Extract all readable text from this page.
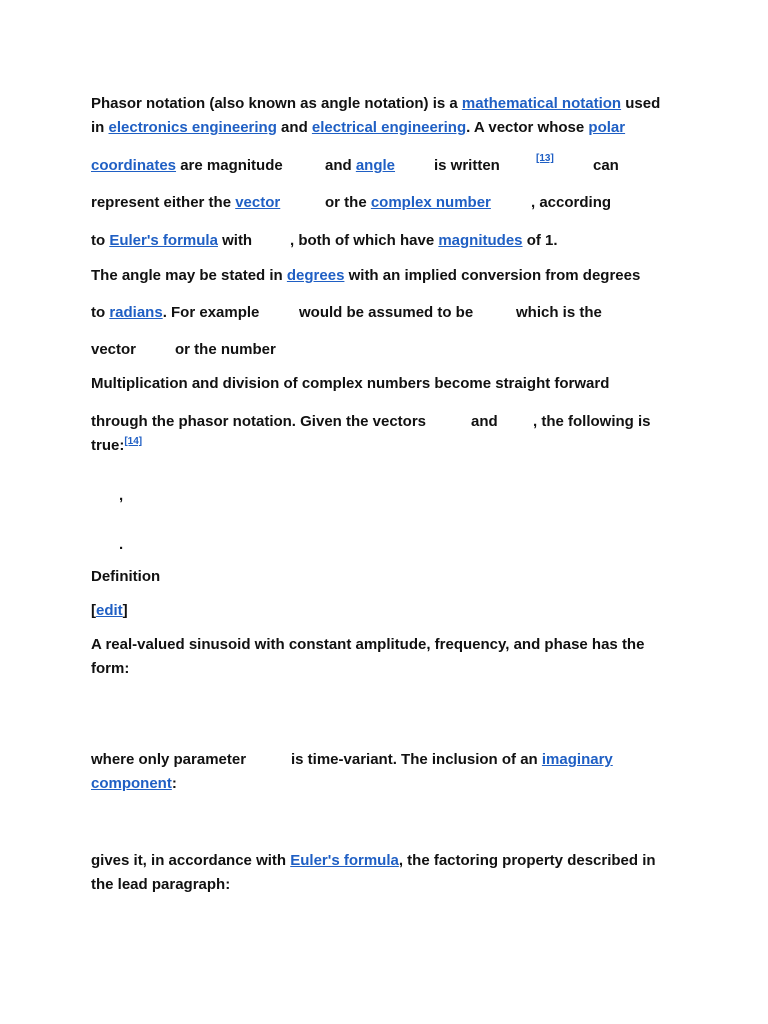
Phasor notation (also known as angle notation) is a mathematical notation used
in electronics engineering and electrical engineering. A vector whose polar
coordinates are magnitude	and angle	is written	[13]	can
represent either the vector	or the complex number	, according
to Euler's formula with	, both of which have magnitudes of 1.
The angle may be stated in degrees with an implied conversion from degrees
to radians. For example	would be assumed to be	which is the
vector	or the number
Multiplication and division of complex numbers become straight forward
through the phasor notation. Given the vectors	and , the following is
true:[14]
,
.
Definition
[edit]
A real-valued sinusoid with constant amplitude, frequency, and phase has the
form:
where only parameter	is time-variant. The inclusion of an imaginary
component:
gives it, in accordance with Euler's formula, the factoring property described in
the lead paragraph:
